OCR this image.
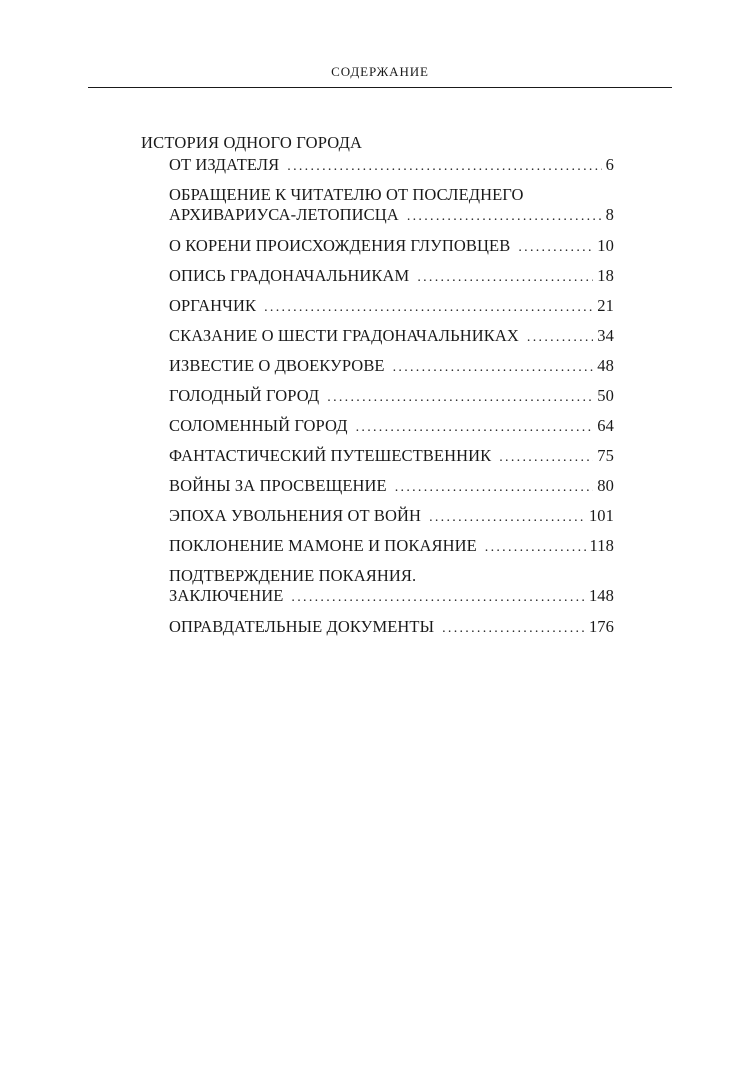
СОДЕРЖАНИЕ
ИСТОРИЯ ОДНОГО ГОРОДА
ОТ ИЗДАТЕЛЯ . . .	6
ОБРАЩЕНИЕ К ЧИТАТЕЛЮ ОТ ПОСЛЕДНЕГО
АРХИВАРИУСА-ЛЕТОПИСЦА . . .	8
О КОРЕНИ ПРОИСХОЖДЕНИЯ ГЛУПОВЦЕВ . . .	10
ОПИСЬ ГРАДОНАЧАЛЬНИКАМ . . .	18
ОРГАНЧИК . . .	21
СКАЗАНИЕ О ШЕСТИ ГРАДОНАЧАЛЬНИКАХ . . .	34
ИЗВЕСТИЕ О ДВОЕКУРОВЕ . . .	48
ГОЛОДНЫЙ ГОРОД . . .	50
СОЛОМЕННЫЙ ГОРОД . . .	64
ФАНТАСТИЧЕСКИЙ ПУТЕШЕСТВЕННИК . . .	75
ВОЙНЫ ЗА ПРОСВЕЩЕНИЕ . . .	80
ЭПОХА УВОЛЬНЕНИЯ ОТ ВОЙН . . .	101
ПОКЛОНЕНИЕ МАМОНЕ И ПОКАЯНИЕ . . .	118
ПОДТВЕРЖДЕНИЕ ПОКАЯНИЯ.
ЗАКЛЮЧЕНИЕ . . .	148
ОПРАВДАТЕЛЬНЫЕ ДОКУМЕНТЫ . . .	176
